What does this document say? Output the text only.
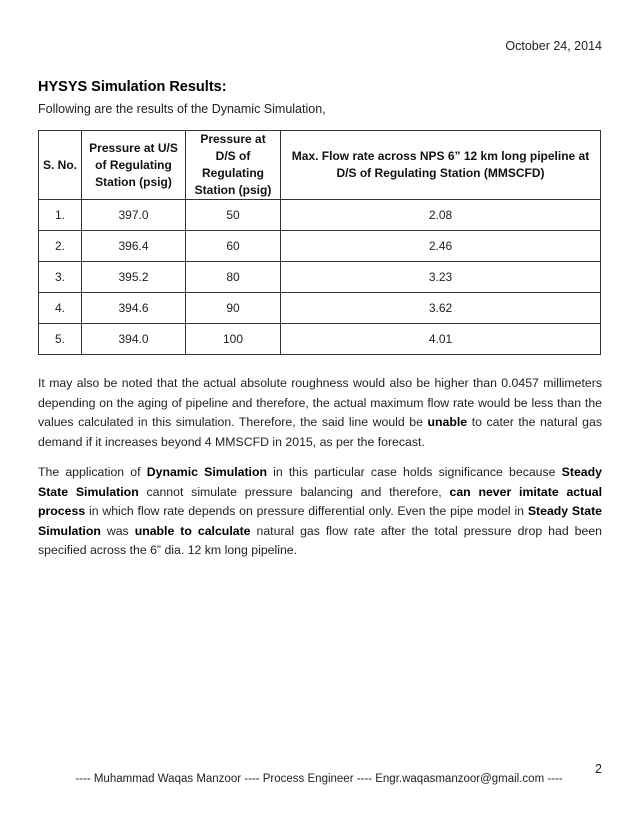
October 24, 2014
HYSYS Simulation Results:
Following are the results of the Dynamic Simulation,
S. No.	Pressure at U/S of Regulating Station (psig)	Pressure at D/S of Regulating Station (psig)	Max. Flow rate across NPS 6” 12 km long pipeline at D/S of Regulating Station (MMSCFD)
1.	397.0	50	2.08
2.	396.4	60	2.46
3.	395.2	80	3.23
4.	394.6	90	3.62
5.	394.0	100	4.01

It may also be noted that the actual absolute roughness would also be higher than 0.0457 millimeters depending on the aging of pipeline and therefore, the actual maximum flow rate would be less than the values calculated in this simulation. Therefore, the said line would be unable to cater the natural gas demand if it increases beyond 4 MMSCFD in 2015, as per the forecast.

The application of Dynamic Simulation in this particular case holds significance because Steady State Simulation cannot simulate pressure balancing and therefore, can never imitate actual process in which flow rate depends on pressure differential only. Even the pipe model in Steady State Simulation was unable to calculate natural gas flow rate after the total pressure drop had been specified across the 6” dia. 12 km long pipeline.

2
---- Muhammad Waqas Manzoor ---- Process Engineer ---- Engr.waqasmanzoor@gmail.com ----
